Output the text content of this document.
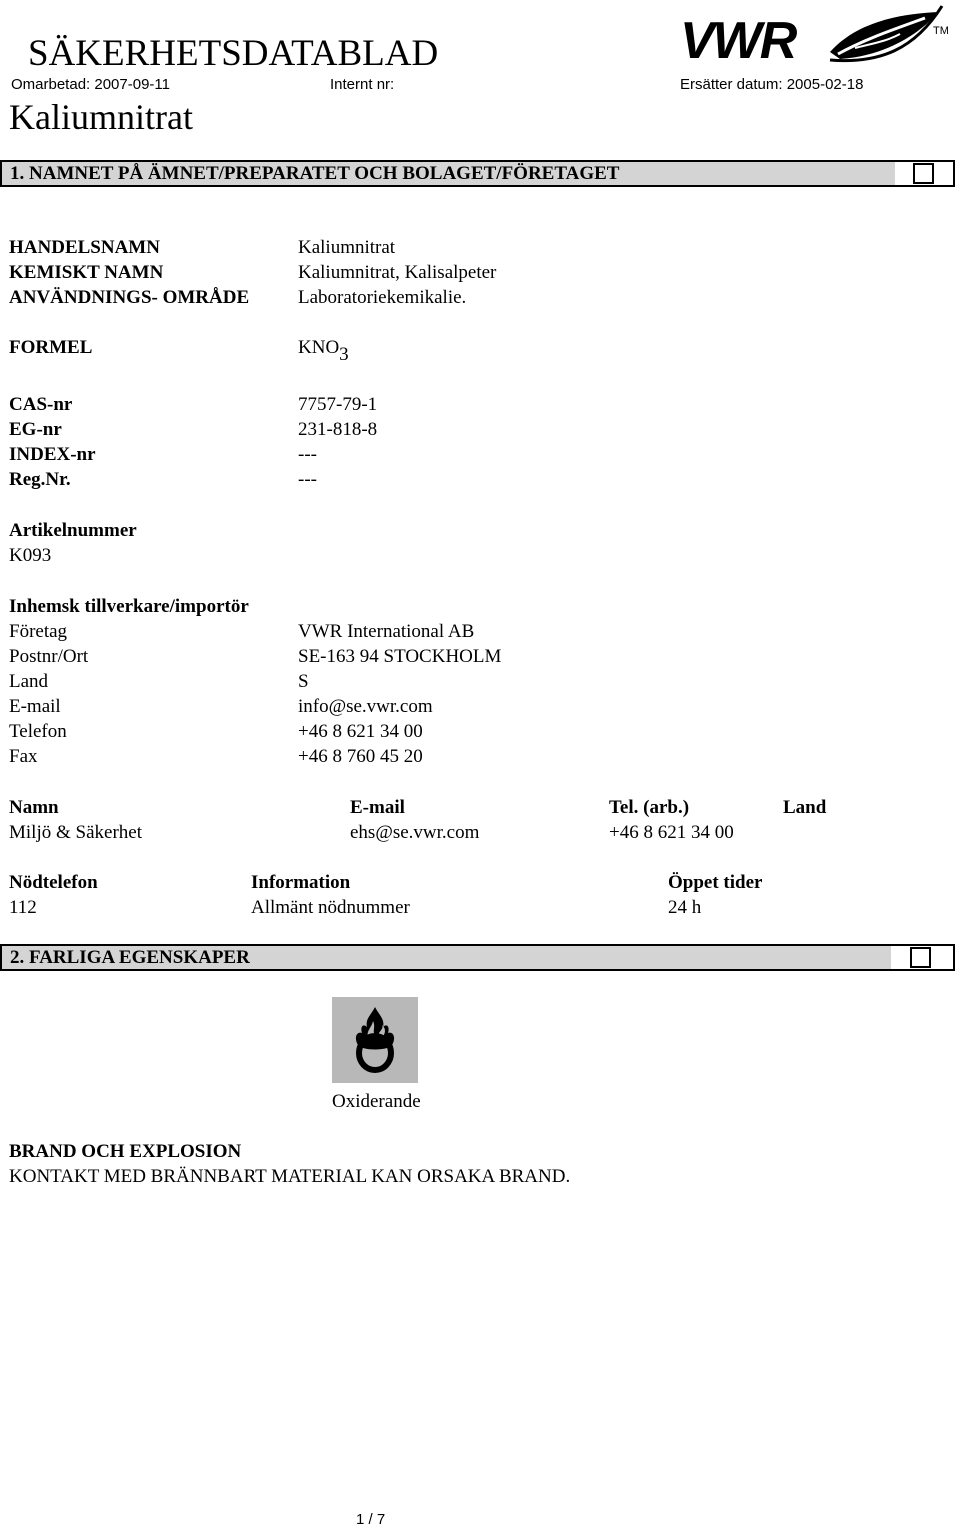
SÄKERHETSDATABLAD
Omarbetad: 2007-09-11	Internt nr:	Ersätter datum: 2005-02-18
Kaliumnitrat
VWR	TM
1. NAMNET PÅ ÄMNET/PREPARATET OCH BOLAGET/FÖRETAGET
HANDELSNAMN	Kaliumnitrat
KEMISKT NAMN	Kaliumnitrat, Kalisalpeter
ANVÄNDNINGS- OMRÅDE	Laboratoriekemikalie.
FORMEL	KNO3
CAS-nr	7757-79-1
EG-nr	231-818-8
INDEX-nr	---
Reg.Nr.	---
Artikelnummer
K093
Inhemsk tillverkare/importör
Företag	VWR International AB
Postnr/Ort	SE-163 94 STOCKHOLM
Land	S
E-mail	info@se.vwr.com
Telefon	+46 8 621 34 00
Fax	+46 8 760 45 20
Namn	E-mail	Tel. (arb.)	Land
Miljö & Säkerhet	ehs@se.vwr.com	+46 8 621 34 00
Nödtelefon	Information	Öppet tider
112	Allmänt nödnummer	24 h
2. FARLIGA EGENSKAPER
Oxiderande
BRAND OCH EXPLOSION
KONTAKT MED BRÄNNBART MATERIAL KAN ORSAKA BRAND.
1 / 7
